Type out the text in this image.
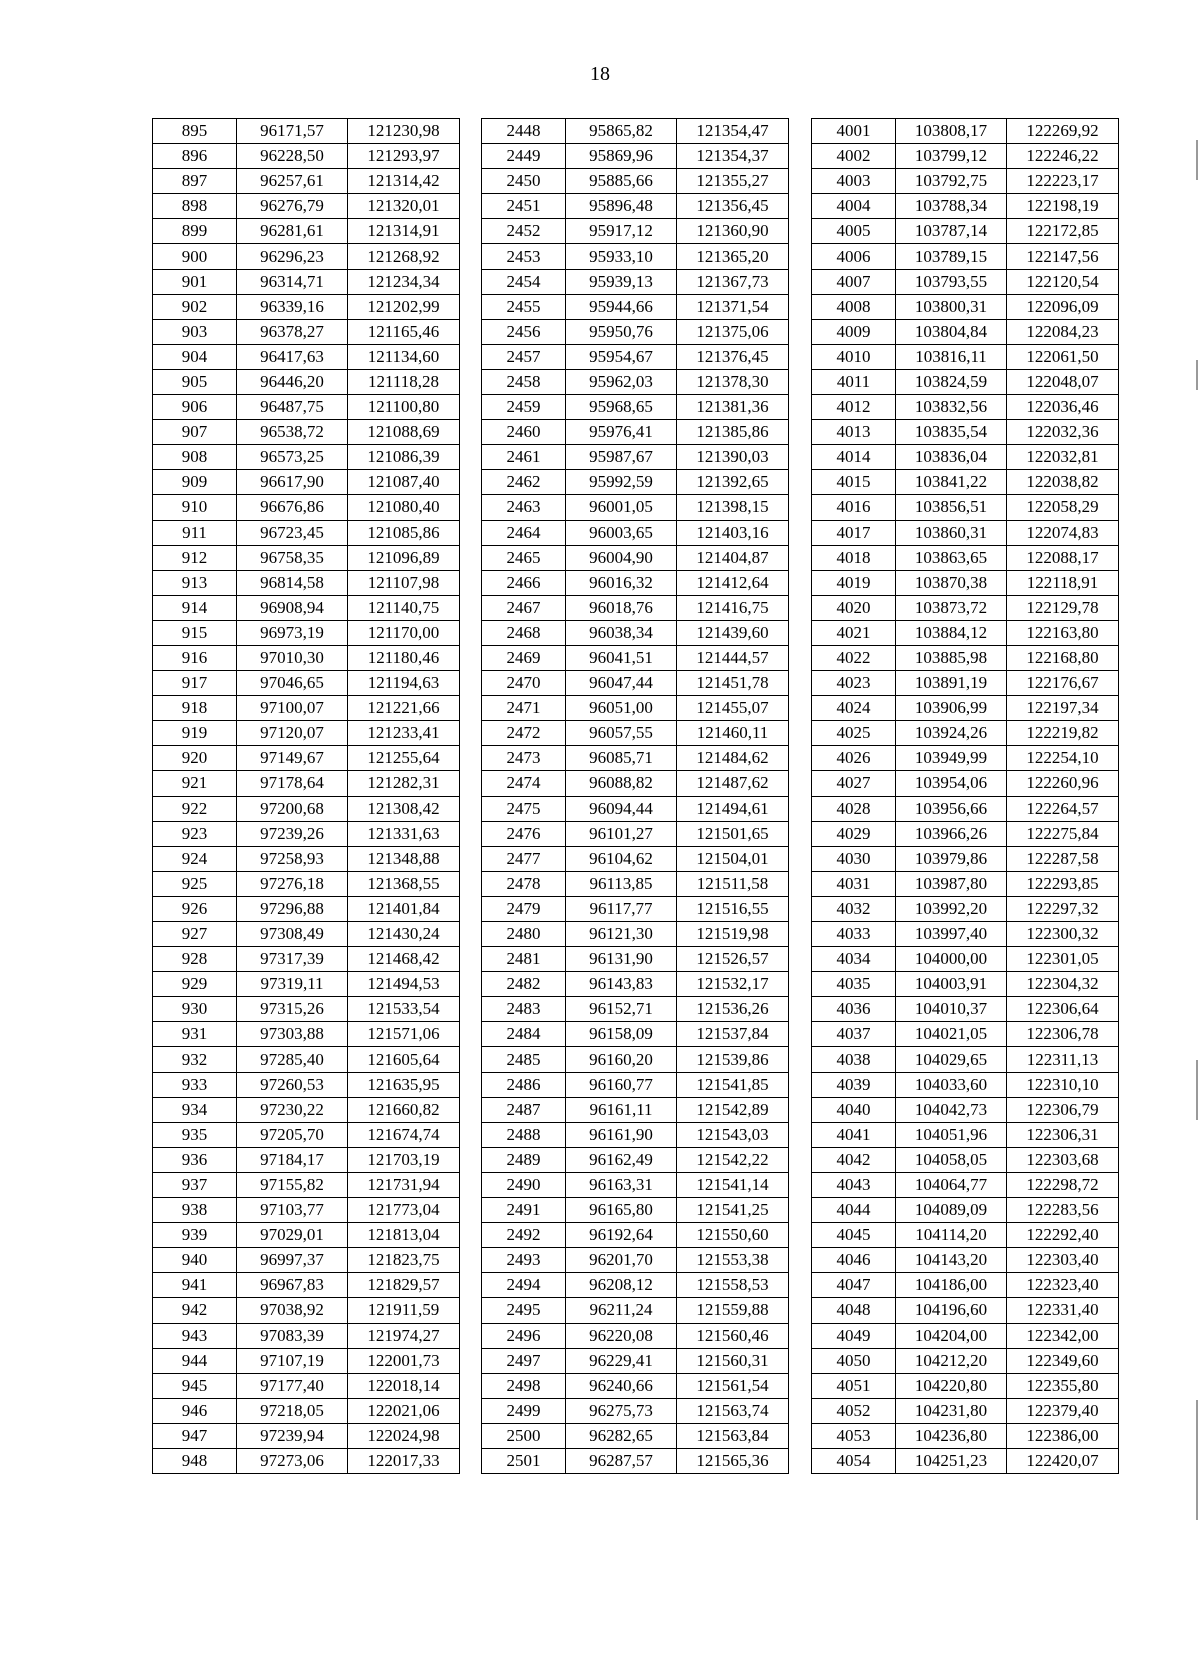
18
895	96171,57	121230,98
896	96228,50	121293,97
897	96257,61	121314,42
898	96276,79	121320,01
899	96281,61	121314,91
900	96296,23	121268,92
901	96314,71	121234,34
902	96339,16	121202,99
903	96378,27	121165,46
904	96417,63	121134,60
905	96446,20	121118,28
906	96487,75	121100,80
907	96538,72	121088,69
908	96573,25	121086,39
909	96617,90	121087,40
910	96676,86	121080,40
911	96723,45	121085,86
912	96758,35	121096,89
913	96814,58	121107,98
914	96908,94	121140,75
915	96973,19	121170,00
916	97010,30	121180,46
917	97046,65	121194,63
918	97100,07	121221,66
919	97120,07	121233,41
920	97149,67	121255,64
921	97178,64	121282,31
922	97200,68	121308,42
923	97239,26	121331,63
924	97258,93	121348,88
925	97276,18	121368,55
926	97296,88	121401,84
927	97308,49	121430,24
928	97317,39	121468,42
929	97319,11	121494,53
930	97315,26	121533,54
931	97303,88	121571,06
932	97285,40	121605,64
933	97260,53	121635,95
934	97230,22	121660,82
935	97205,70	121674,74
936	97184,17	121703,19
937	97155,82	121731,94
938	97103,77	121773,04
939	97029,01	121813,04
940	96997,37	121823,75
941	96967,83	121829,57
942	97038,92	121911,59
943	97083,39	121974,27
944	97107,19	122001,73
945	97177,40	122018,14
946	97218,05	122021,06
947	97239,94	122024,98
948	97273,06	122017,33
2448	95865,82	121354,47
2449	95869,96	121354,37
2450	95885,66	121355,27
2451	95896,48	121356,45
2452	95917,12	121360,90
2453	95933,10	121365,20
2454	95939,13	121367,73
2455	95944,66	121371,54
2456	95950,76	121375,06
2457	95954,67	121376,45
2458	95962,03	121378,30
2459	95968,65	121381,36
2460	95976,41	121385,86
2461	95987,67	121390,03
2462	95992,59	121392,65
2463	96001,05	121398,15
2464	96003,65	121403,16
2465	96004,90	121404,87
2466	96016,32	121412,64
2467	96018,76	121416,75
2468	96038,34	121439,60
2469	96041,51	121444,57
2470	96047,44	121451,78
2471	96051,00	121455,07
2472	96057,55	121460,11
2473	96085,71	121484,62
2474	96088,82	121487,62
2475	96094,44	121494,61
2476	96101,27	121501,65
2477	96104,62	121504,01
2478	96113,85	121511,58
2479	96117,77	121516,55
2480	96121,30	121519,98
2481	96131,90	121526,57
2482	96143,83	121532,17
2483	96152,71	121536,26
2484	96158,09	121537,84
2485	96160,20	121539,86
2486	96160,77	121541,85
2487	96161,11	121542,89
2488	96161,90	121543,03
2489	96162,49	121542,22
2490	96163,31	121541,14
2491	96165,80	121541,25
2492	96192,64	121550,60
2493	96201,70	121553,38
2494	96208,12	121558,53
2495	96211,24	121559,88
2496	96220,08	121560,46
2497	96229,41	121560,31
2498	96240,66	121561,54
2499	96275,73	121563,74
2500	96282,65	121563,84
2501	96287,57	121565,36
4001	103808,17	122269,92
4002	103799,12	122246,22
4003	103792,75	122223,17
4004	103788,34	122198,19
4005	103787,14	122172,85
4006	103789,15	122147,56
4007	103793,55	122120,54
4008	103800,31	122096,09
4009	103804,84	122084,23
4010	103816,11	122061,50
4011	103824,59	122048,07
4012	103832,56	122036,46
4013	103835,54	122032,36
4014	103836,04	122032,81
4015	103841,22	122038,82
4016	103856,51	122058,29
4017	103860,31	122074,83
4018	103863,65	122088,17
4019	103870,38	122118,91
4020	103873,72	122129,78
4021	103884,12	122163,80
4022	103885,98	122168,80
4023	103891,19	122176,67
4024	103906,99	122197,34
4025	103924,26	122219,82
4026	103949,99	122254,10
4027	103954,06	122260,96
4028	103956,66	122264,57
4029	103966,26	122275,84
4030	103979,86	122287,58
4031	103987,80	122293,85
4032	103992,20	122297,32
4033	103997,40	122300,32
4034	104000,00	122301,05
4035	104003,91	122304,32
4036	104010,37	122306,64
4037	104021,05	122306,78
4038	104029,65	122311,13
4039	104033,60	122310,10
4040	104042,73	122306,79
4041	104051,96	122306,31
4042	104058,05	122303,68
4043	104064,77	122298,72
4044	104089,09	122283,56
4045	104114,20	122292,40
4046	104143,20	122303,40
4047	104186,00	122323,40
4048	104196,60	122331,40
4049	104204,00	122342,00
4050	104212,20	122349,60
4051	104220,80	122355,80
4052	104231,80	122379,40
4053	104236,80	122386,00
4054	104251,23	122420,07
